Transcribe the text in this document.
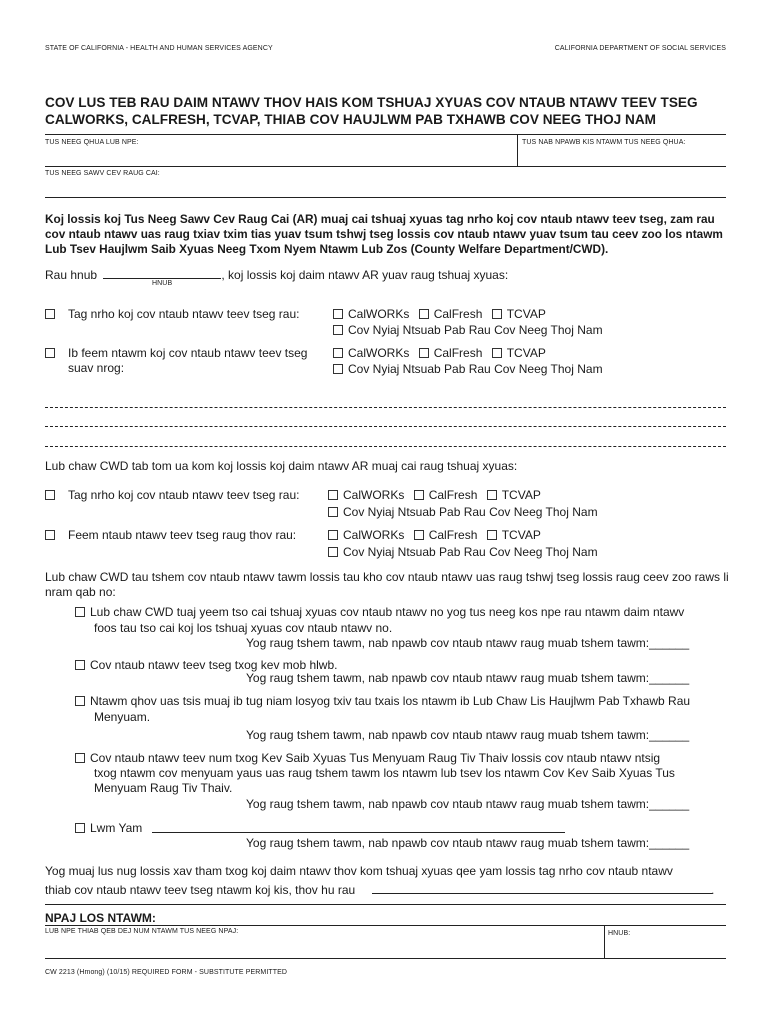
STATE OF CALIFORNIA - HEALTH AND HUMAN SERVICES AGENCY	CALIFORNIA DEPARTMENT OF SOCIAL SERVICES
COV LUS TEB RAU DAIM NTAWV THOV HAIS KOM TSHUAJ XYUAS COV NTAUB NTAWV TEEV TSEG
CALWORKS, CALFRESH, TCVAP, THIAB COV HAUJLWM PAB TXHAWB COV NEEG THOJ NAM
TUS NEEG QHUA LUB NPE:	TUS NAB NPAWB KIS NTAWM TUS NEEG QHUA:
TUS NEEG SAWV CEV RAUG CAI:
Koj lossis koj Tus Neeg Sawv Cev Raug Cai (AR) muaj cai tshuaj xyuas tag nrho koj cov ntaub ntawv teev tseg, zam rau cov ntaub ntawv uas raug txiav txim tias yuav tsum tshwj tseg lossis cov ntaub ntawv yuav tsum tau ceev zoo los ntawm Lub Tsev Haujlwm Saib Xyuas Neeg Txom Nyem Ntawm Lub Zos (County Welfare Department/CWD).
Rau hnub	, koj lossis koj daim ntawv AR yuav raug tshuaj xyuas:
HNUB
Tag nrho koj cov ntaub ntawv teev tseg rau:	CalWORKs CalFresh TCVAP
Cov Nyiaj Ntsuab Pab Rau Cov Neeg Thoj Nam
Ib feem ntawm koj cov ntaub ntawv teev tseg
suav nrog:
CalWORKs CalFresh TCVAP
Cov Nyiaj Ntsuab Pab Rau Cov Neeg Thoj Nam
Lub chaw CWD tab tom ua kom koj lossis koj daim ntawv AR muaj cai raug tshuaj xyuas:
Tag nrho koj cov ntaub ntawv teev tseg rau:	CalWORKs CalFresh TCVAP
Cov Nyiaj Ntsuab Pab Rau Cov Neeg Thoj Nam
Feem ntaub ntawv teev tseg raug thov rau:	CalWORKs CalFresh TCVAP
Cov Nyiaj Ntsuab Pab Rau Cov Neeg Thoj Nam
Lub chaw CWD tau tshem cov ntaub ntawv tawm lossis tau kho cov ntaub ntawv uas raug tshwj tseg lossis raug ceev zoo raws li nram qab no:
Lub chaw CWD tuaj yeem tso cai tshuaj xyuas cov ntaub ntawv no yog tus neeg kos npe rau ntawm daim ntawv
foos tau tso cai koj los tshuaj xyuas cov ntaub ntawv no.
Yog raug tshem tawm, nab npawb cov ntaub ntawv raug muab tshem tawm:______
Cov ntaub ntawv teev tseg txog kev mob hlwb.
Yog raug tshem tawm, nab npawb cov ntaub ntawv raug muab tshem tawm:______
Ntawm qhov uas tsis muaj ib tug niam losyog txiv tau txais los ntawm ib Lub Chaw Lis Haujlwm Pab Txhawb Rau
Menyuam.
Yog raug tshem tawm, nab npawb cov ntaub ntawv raug muab tshem tawm:______
Cov ntaub ntawv teev num txog Kev Saib Xyuas Tus Menyuam Raug Tiv Thaiv lossis cov ntaub ntawv ntsig
txog ntawm cov menyuam yaus uas raug tshem tawm los ntawm lub tsev los ntawm Cov Kev Saib Xyuas Tus
Menyuam Raug Tiv Thaiv.
Yog raug tshem tawm, nab npawb cov ntaub ntawv raug muab tshem tawm:______
Lwm Yam
Yog raug tshem tawm, nab npawb cov ntaub ntawv raug muab tshem tawm:______
Yog muaj lus nug lossis xav tham txog koj daim ntawv thov kom tshuaj xyuas qee yam lossis tag nrho cov ntaub ntawv
thiab cov ntaub ntawv teev tseg ntawm koj kis, thov hu rau	.
NPAJ LOS NTAWM:
LUB NPE THIAB QEB DEJ NUM NTAWM TUS NEEG NPAJ:	HNUB:
CW 2213 (Hmong) (10/15) REQUIRED FORM - SUBSTITUTE PERMITTED
